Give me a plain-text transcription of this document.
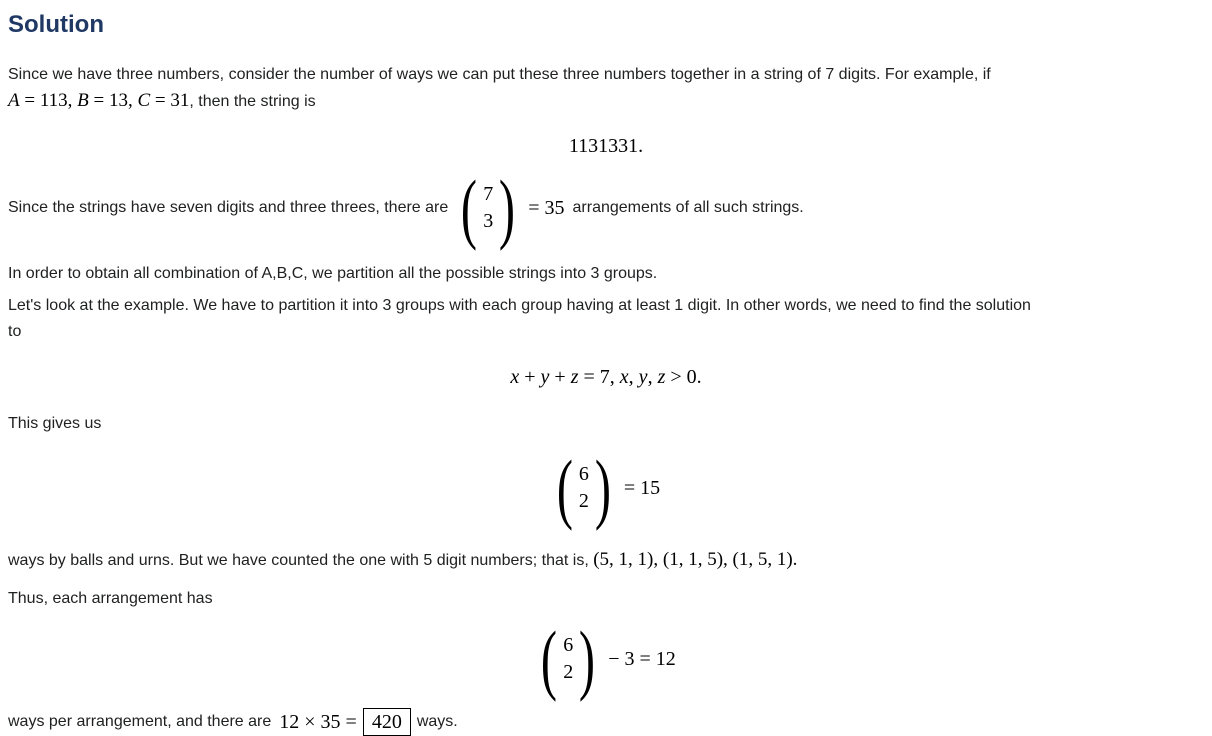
Solution
Since we have three numbers, consider the number of ways we can put these three numbers together in a string of 7 digits. For example, if
A = 113, B = 13, C = 31, then the string is
1131331.
Since the strings have seven digits and three threes, there are ( 7
3 ) = 35 arrangements of all such strings.
In order to obtain all combination of A,B,C, we partition all the possible strings into 3 groups.
Let's look at the example. We have to partition it into 3 groups with each group having at least 1 digit. In other words, we need to find the solution
to
x + y + z = 7, x, y, z > 0.
This gives us
( 6
2 ) = 15
ways by balls and urns. But we have counted the one with 5 digit numbers; that is, (5, 1, 1), (1, 1, 5), (1, 5, 1).
Thus, each arrangement has
( 6
2 ) − 3 = 12
ways per arrangement, and there are 12 × 35 = 420 ways.
